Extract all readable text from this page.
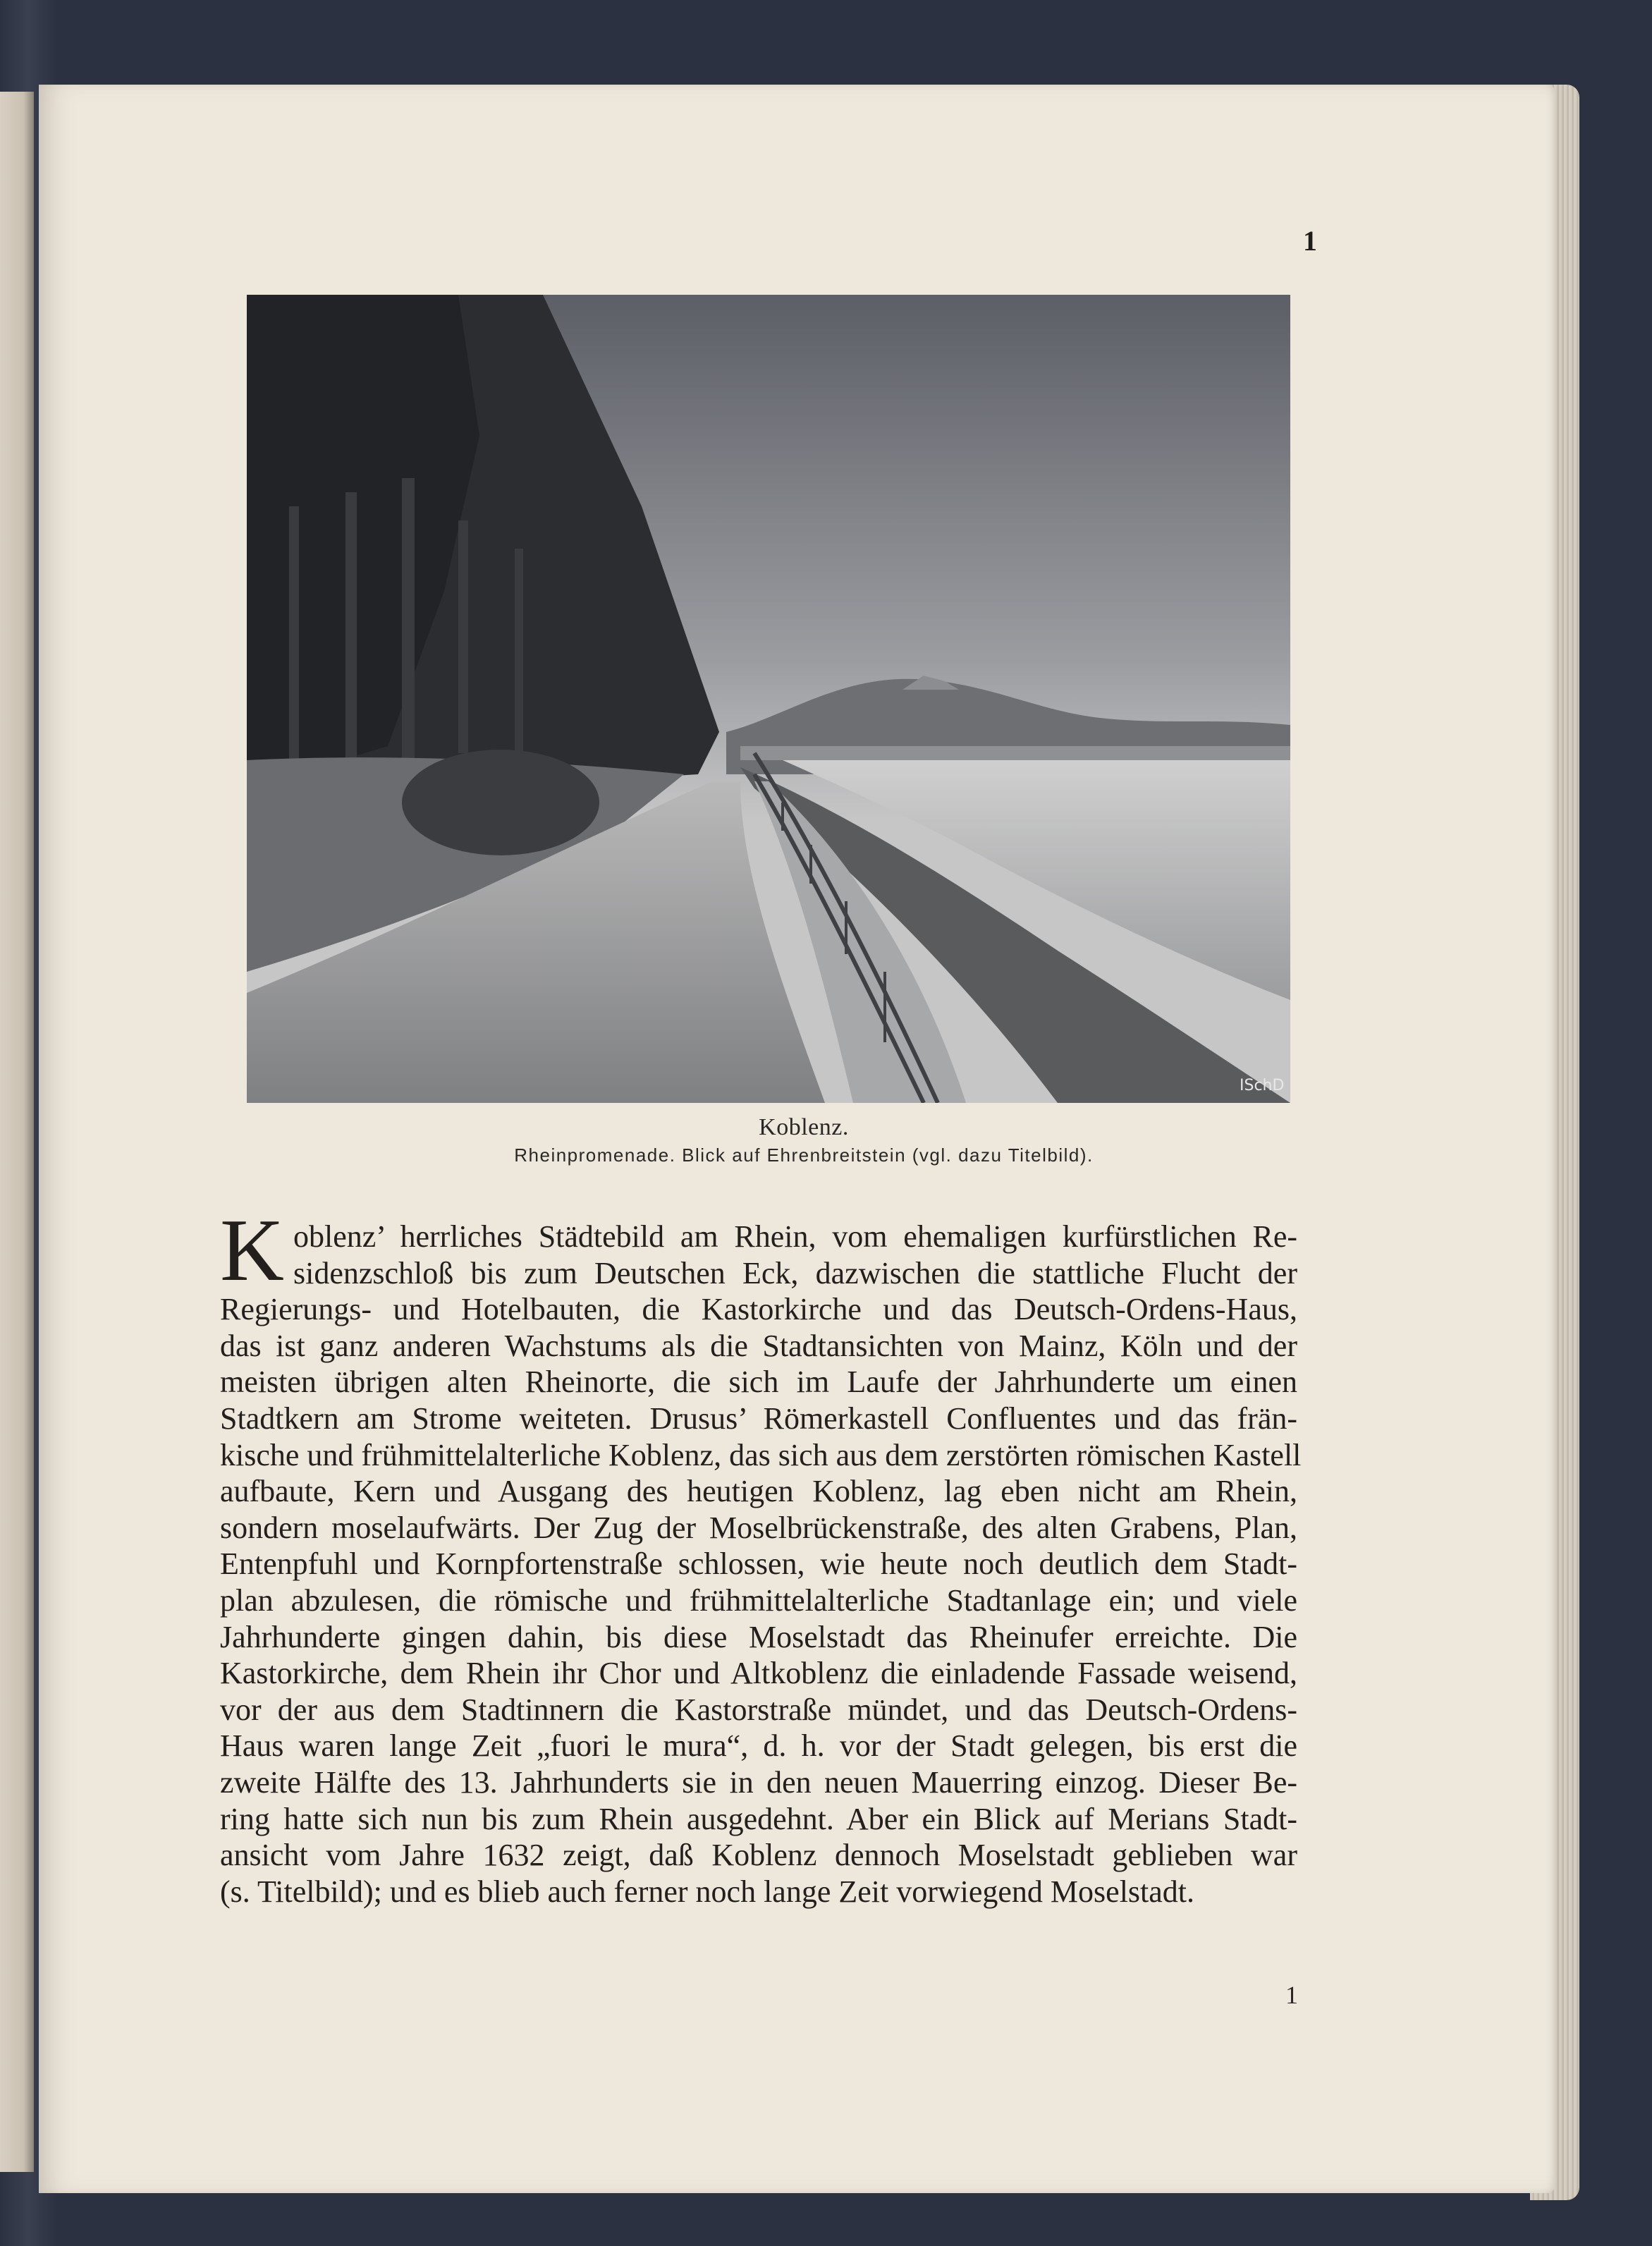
1
ISchD
Koblenz.
Rheinpromenade. Blick auf Ehrenbreitstein (vgl. dazu Titelbild).
K oblenz’ herrliches Städtebild am Rhein, vom ehemaligen kurfürstlichen Re-
sidenzschloß bis zum Deutschen Eck, dazwischen die stattliche Flucht der
Regierungs- und Hotelbauten, die Kastorkirche und das Deutsch-Ordens-Haus,
das ist ganz anderen Wachstums als die Stadtansichten von Mainz, Köln und der
meisten übrigen alten Rheinorte, die sich im Laufe der Jahrhunderte um einen
Stadtkern am Strome weiteten. Drusus’ Römerkastell Confluentes und das frän-
kische und frühmittelalterliche Koblenz, das sich aus dem zerstörten römischen Kastell
aufbaute, Kern und Ausgang des heutigen Koblenz, lag eben nicht am Rhein,
sondern moselaufwärts. Der Zug der Moselbrückenstraße, des alten Grabens, Plan,
Entenpfuhl und Kornpfortenstraße schlossen, wie heute noch deutlich dem Stadt-
plan abzulesen, die römische und frühmittelalterliche Stadtanlage ein; und viele
Jahrhunderte gingen dahin, bis diese Moselstadt das Rheinufer erreichte. Die
Kastorkirche, dem Rhein ihr Chor und Altkoblenz die einladende Fassade weisend,
vor der aus dem Stadtinnern die Kastorstraße mündet, und das Deutsch-Ordens-
Haus waren lange Zeit „fuori le mura“, d. h. vor der Stadt gelegen, bis erst die
zweite Hälfte des 13. Jahrhunderts sie in den neuen Mauerring einzog. Dieser Be-
ring hatte sich nun bis zum Rhein ausgedehnt. Aber ein Blick auf Merians Stadt-
ansicht vom Jahre 1632 zeigt, daß Koblenz dennoch Moselstadt geblieben war
(s. Titelbild); und es blieb auch ferner noch lange Zeit vorwiegend Moselstadt.
1
